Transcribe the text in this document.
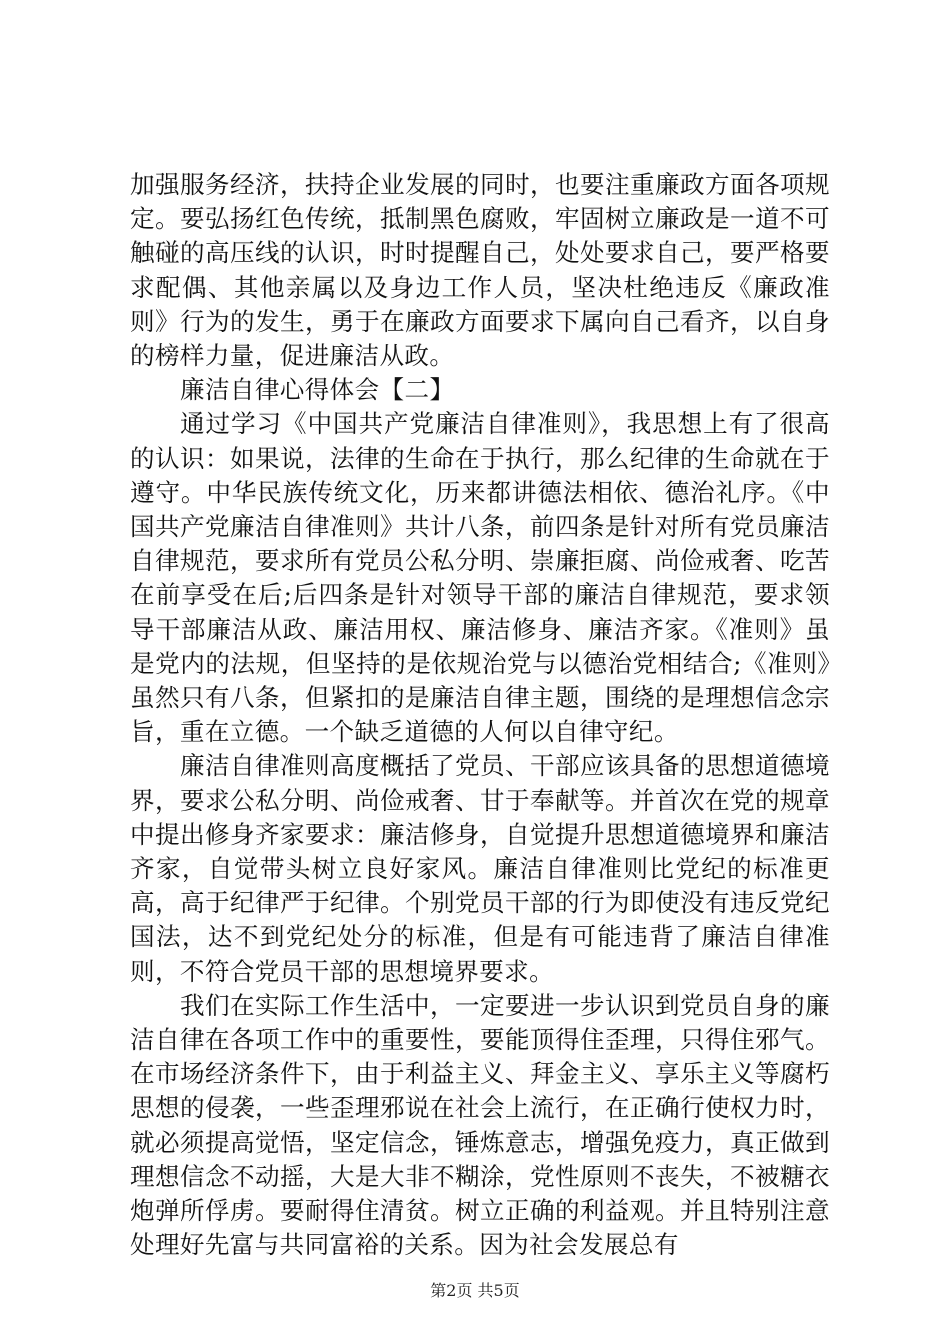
加强服务经济，扶持企业发展的同时，也要注重廉政方面各项规定。要弘扬红色传统，抵制黑色腐败，牢固树立廉政是一道不可触碰的高压线的认识，时时提醒自己，处处要求自己，要严格要求配偶、其他亲属以及身边工作人员，坚决杜绝违反《廉政准则》行为的发生，勇于在廉政方面要求下属向自己看齐，以自身的榜样力量，促进廉洁从政。

廉洁自律心得体会【二】

通过学习《中国共产党廉洁自律准则》，我思想上有了很高的认识：如果说，法律的生命在于执行，那么纪律的生命就在于遵守。中华民族传统文化，历来都讲德法相依、德治礼序。《中国共产党廉洁自律准则》共计八条，前四条是针对所有党员廉洁自律规范，要求所有党员公私分明、崇廉拒腐、尚俭戒奢、吃苦在前享受在后;后四条是针对领导干部的廉洁自律规范，要求领导干部廉洁从政、廉洁用权、廉洁修身、廉洁齐家。《准则》虽是党内的法规，但坚持的是依规治党与以德治党相结合;《准则》虽然只有八条，但紧扣的是廉洁自律主题，围绕的是理想信念宗旨，重在立德。一个缺乏道德的人何以自律守纪。

廉洁自律准则高度概括了党员、干部应该具备的思想道德境界，要求公私分明、尚俭戒奢、甘于奉献等。并首次在党的规章中提出修身齐家要求：廉洁修身，自觉提升思想道德境界和廉洁齐家，自觉带头树立良好家风。廉洁自律准则比党纪的标准更高，高于纪律严于纪律。个别党员干部的行为即使没有违反党纪国法，达不到党纪处分的标准，但是有可能违背了廉洁自律准则，不符合党员干部的思想境界要求。

我们在实际工作生活中，一定要进一步认识到党员自身的廉洁自律在各项工作中的重要性，要能顶得住歪理，只得住邪气。在市场经济条件下，由于利益主义、拜金主义、享乐主义等腐朽思想的侵袭，一些歪理邪说在社会上流行，在正确行使权力时，就必须提高觉悟，坚定信念，锤炼意志，增强免疫力，真正做到理想信念不动摇，大是大非不糊涂，党性原则不丧失，不被糖衣炮弹所俘虏。要耐得住清贫。树立正确的利益观。并且特别注意处理好先富与共同富裕的关系。因为社会发展总有

第2页 共5页
